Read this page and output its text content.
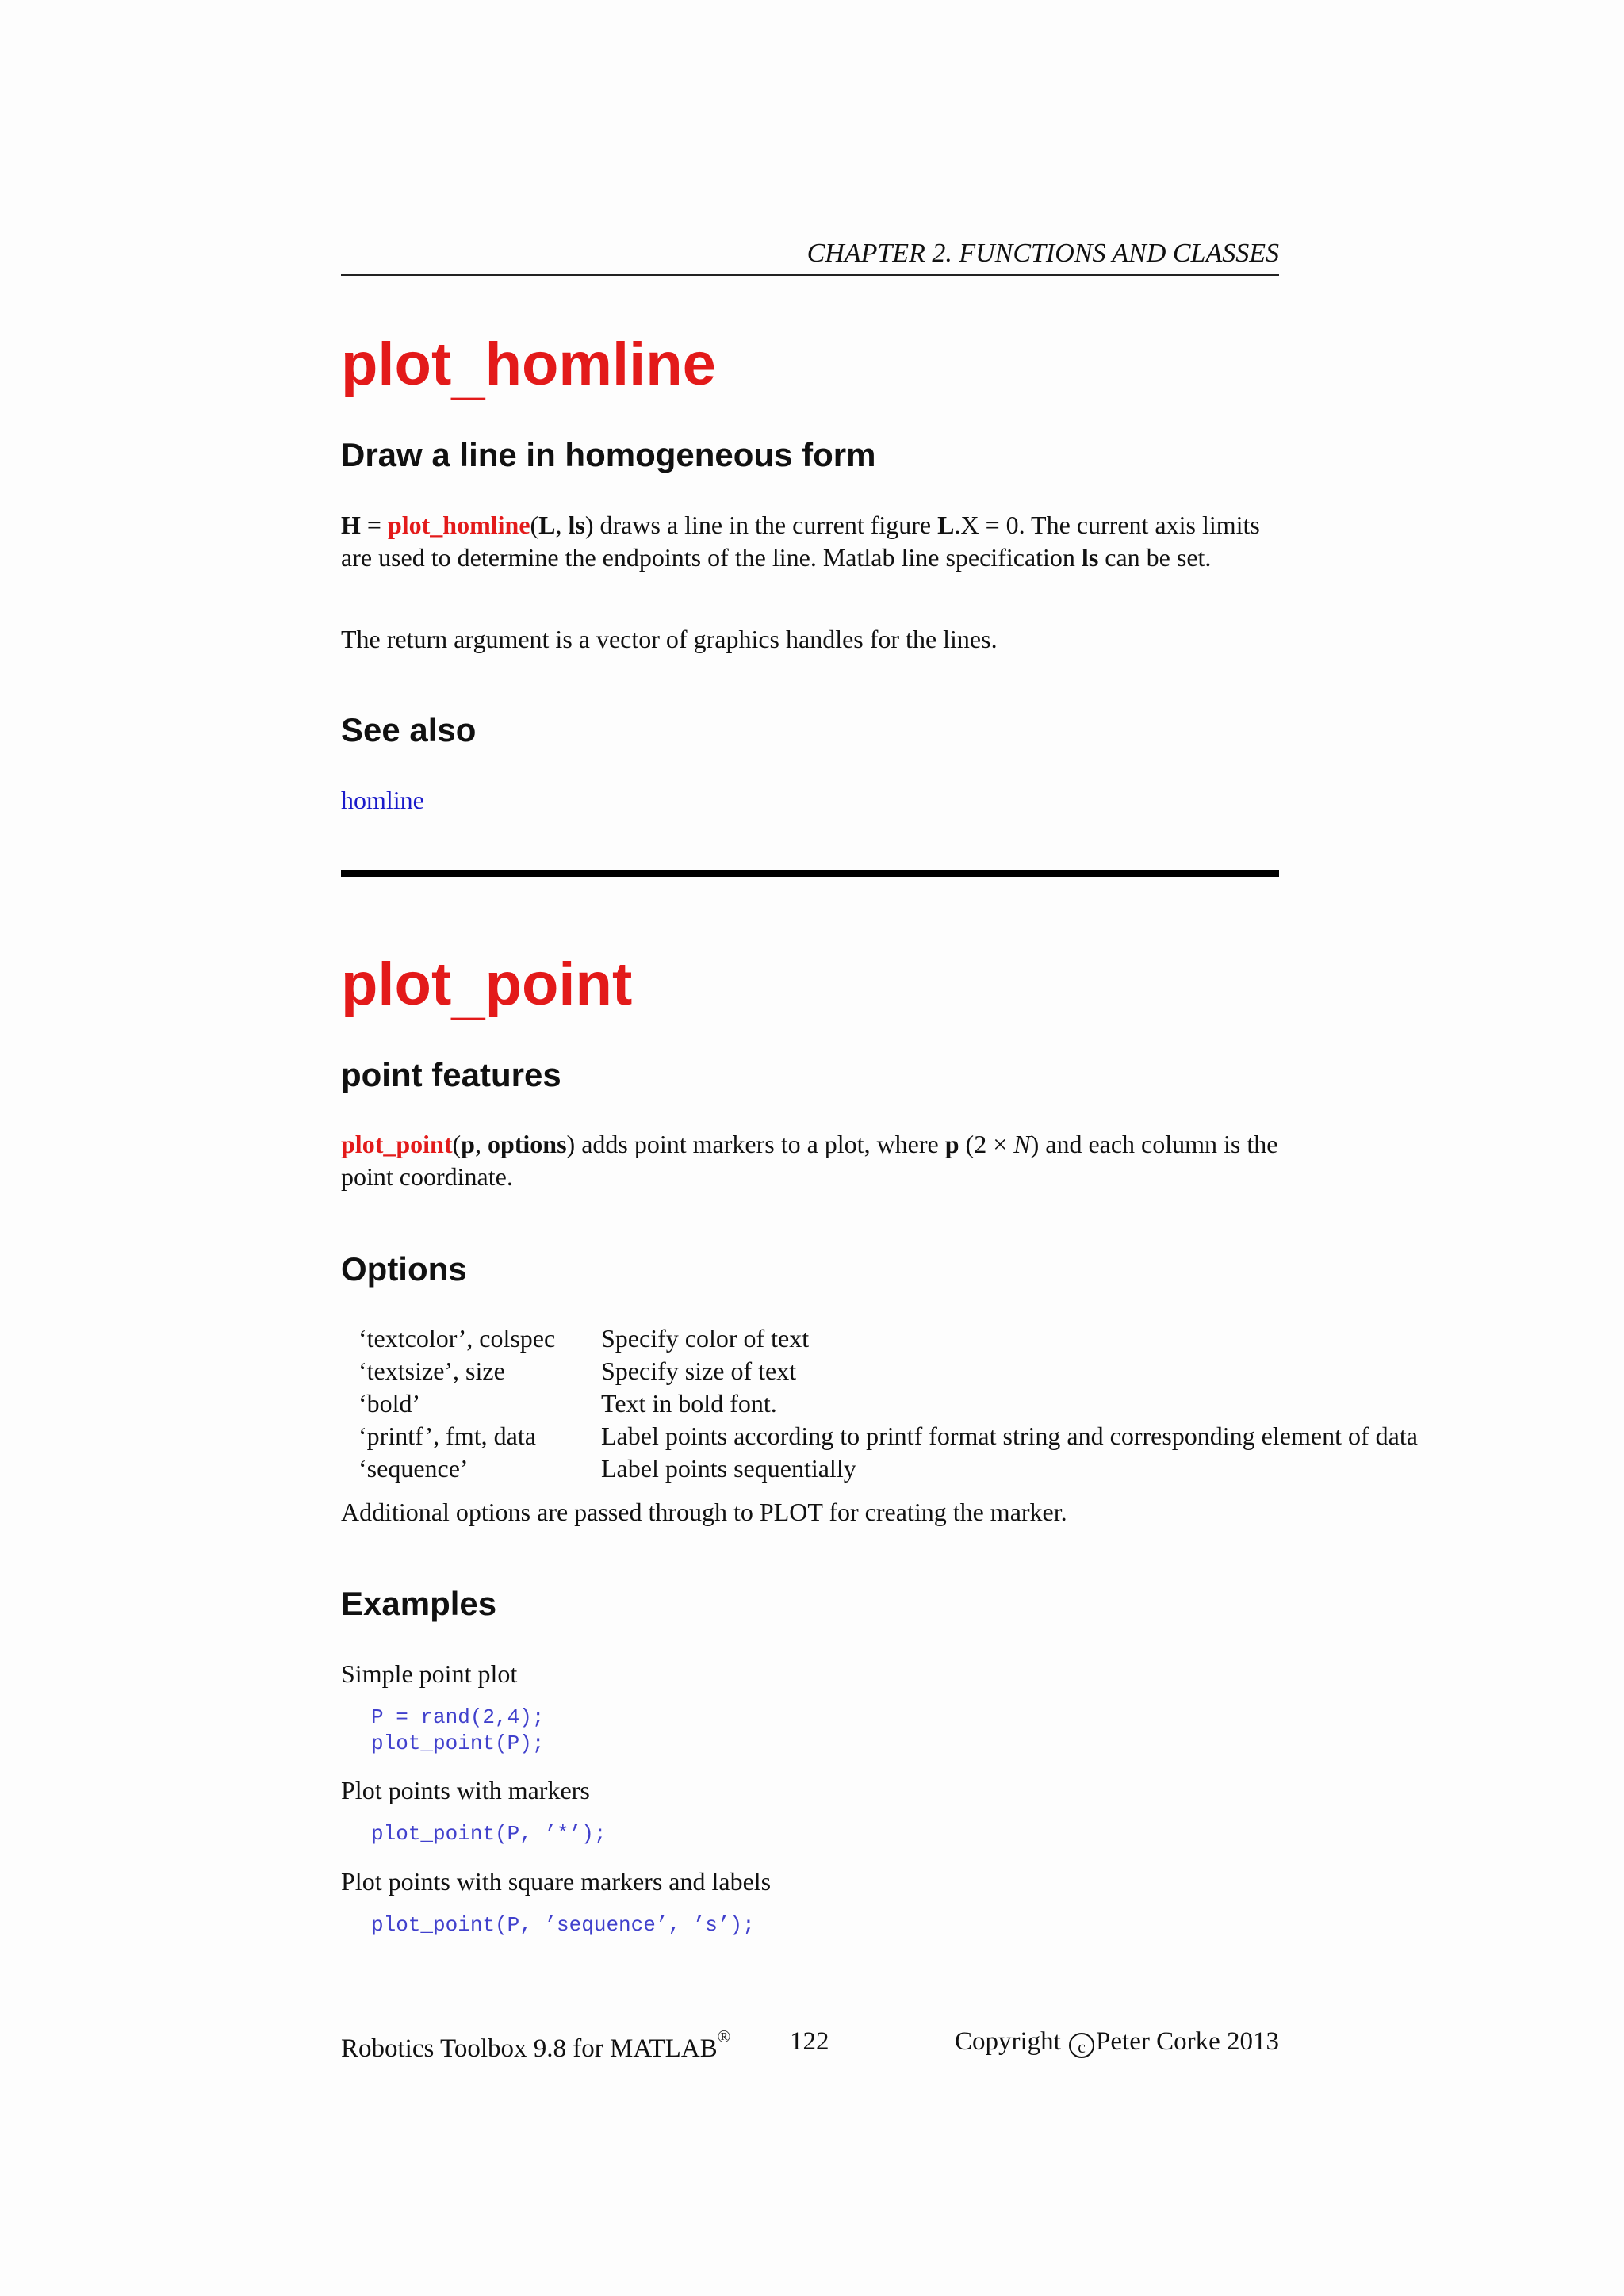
CHAPTER 2. FUNCTIONS AND CLASSES
plot_homline
Draw a line in homogeneous form

H = plot_homline(L, ls) draws a line in the current figure L.X = 0. The current axis limits are used to determine the endpoints of the line. Matlab line specification ls can be set.

The return argument is a vector of graphics handles for the lines.

See also
homline
plot_point
point features

plot_point(p, options) adds point markers to a plot, where p (2 × N) and each column is the point coordinate.

Options
‘textcolor’, colspec	Specify color of text
‘textsize’, size	Specify size of text
‘bold’	Text in bold font.
‘printf’, fmt, data	Label points according to printf format string and corresponding element of data
‘sequence’	Label points sequentially

Additional options are passed through to PLOT for creating the marker.

Examples

Simple point plot

P = rand(2,4);
plot_point(P);

Plot points with markers

plot_point(P, ’*’);

Plot points with square markers and labels

plot_point(P, ’sequence’, ’s’);
Robotics Toolbox 9.8 for MATLAB® 122	Copyright c Peter Corke 2013
